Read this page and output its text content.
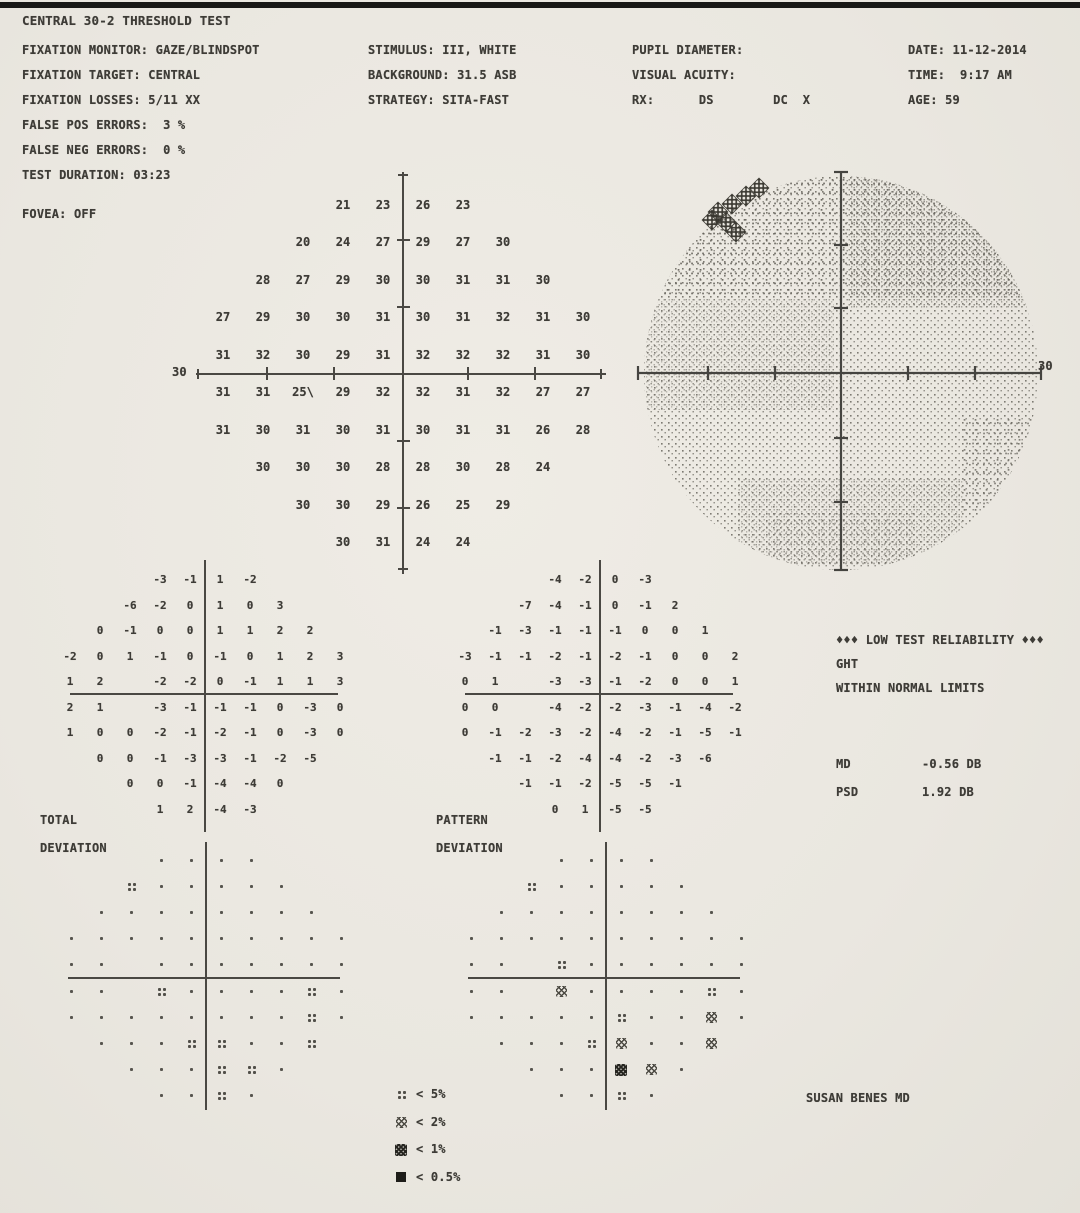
CENTRAL 30-2 THRESHOLD TEST
FIXATION MONITOR: GAZE/BLINDSPOT
FIXATION TARGET: CENTRAL
FIXATION LOSSES: 5/11 XX
FALSE POS ERRORS:  3 %
FALSE NEG ERRORS:  0 %
TEST DURATION: 03:23
STIMULUS: III, WHITE
BACKGROUND: 31.5 ASB
STRATEGY: SITA-FAST
PUPIL DIAMETER:
VISUAL ACUITY:
RX:      DS        DC  X
DATE: 11-12-2014
TIME:  9:17 AM
AGE: 59
FOVEA: OFF
30
21	23	26	23
20	24	27	29	27	30
28	27	29	30	30	31	31	30
27	29	30	30	31	30	31	32	31	30
31	32	30	29	31	32	32	32	31	30
31	31	25\	29	32	32	31	32	27	27
31	30	31	30	31	30	31	31	26	28
30	30	30	28	28	30	28	24
30	30	29	26	25	29
30	31	24	24
30
-3	-1	1	-2
-6	-2	0	1	0	3
0	-1	0	0	1	1	2	2
-2	0	1	-1	0	-1	0	1	2	3
1	2	-2	-2	0	-1	1	1	3
2	1	-3	-1	-1	-1	0	-3	0
1	0	0	-2	-1	-2	-1	0	-3	0
0	0	-1	-3	-3	-1	-2	-5
0	0	-1	-4	-4	0
1	2	-4	-3
-4	-2	0	-3
-7	-4	-1	0	-1	2
-1	-3	-1	-1	-1	0	0	1
-3	-1	-1	-2	-1	-2	-1	0	0	2
0	1	-3	-3	-1	-2	0	0	1
0	0	-4	-2	-2	-3	-1	-4	-2
0	-1	-2	-3	-2	-4	-2	-1	-5	-1
-1	-1	-2	-4	-4	-2	-3	-6
-1	-1	-2	-5	-5	-1
0	1	-5	-5
TOTAL
DEVIATION
PATTERN
DEVIATION
♦♦♦ LOW TEST RELIABILITY ♦♦♦
GHT
WITHIN NORMAL LIMITS
MD	-0.56 DB
PSD	1.92 DB
< 5%
< 2%
< 1%
< 0.5%
SUSAN BENES MD
